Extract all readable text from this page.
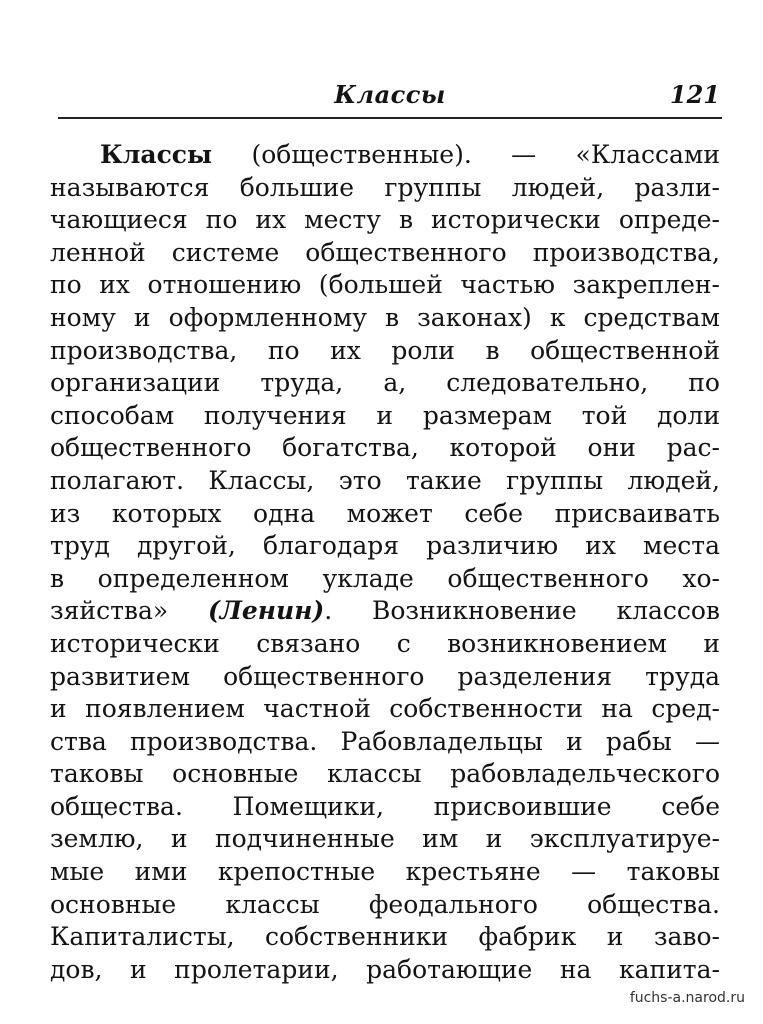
Классы	121
Классы (общественные). — «Классами
называются большие группы людей, разли-
чающиеся по их месту в исторически опреде-
ленной системе общественного производства,
по их отношению (большей частью закреплен-
ному и оформленному в законах) к средствам
производства, по их роли в общественной
организации труда, а, следовательно, по
способам получения и размерам той доли
общественного богатства, которой они рас-
полагают. Классы, это такие группы людей,
из которых одна может себе присваивать
труд другой, благодаря различию их места
в определенном укладе общественного хо-
зяйства» (Ленин). Возникновение классов
исторически связано с возникновением и
развитием общественного разделения труда
и появлением частной собственности на сред-
ства производства. Рабовладельцы и рабы —
таковы основные классы рабовладельческого
общества. Помещики, присвоившие себе
землю, и подчиненные им и эксплуатируе-
мые ими крепостные крестьяне — таковы
основные классы феодального общества.
Капиталисты, собственники фабрик и заво-
дов, и пролетарии, работающие на капита-
fuchs-a.narod.ru
